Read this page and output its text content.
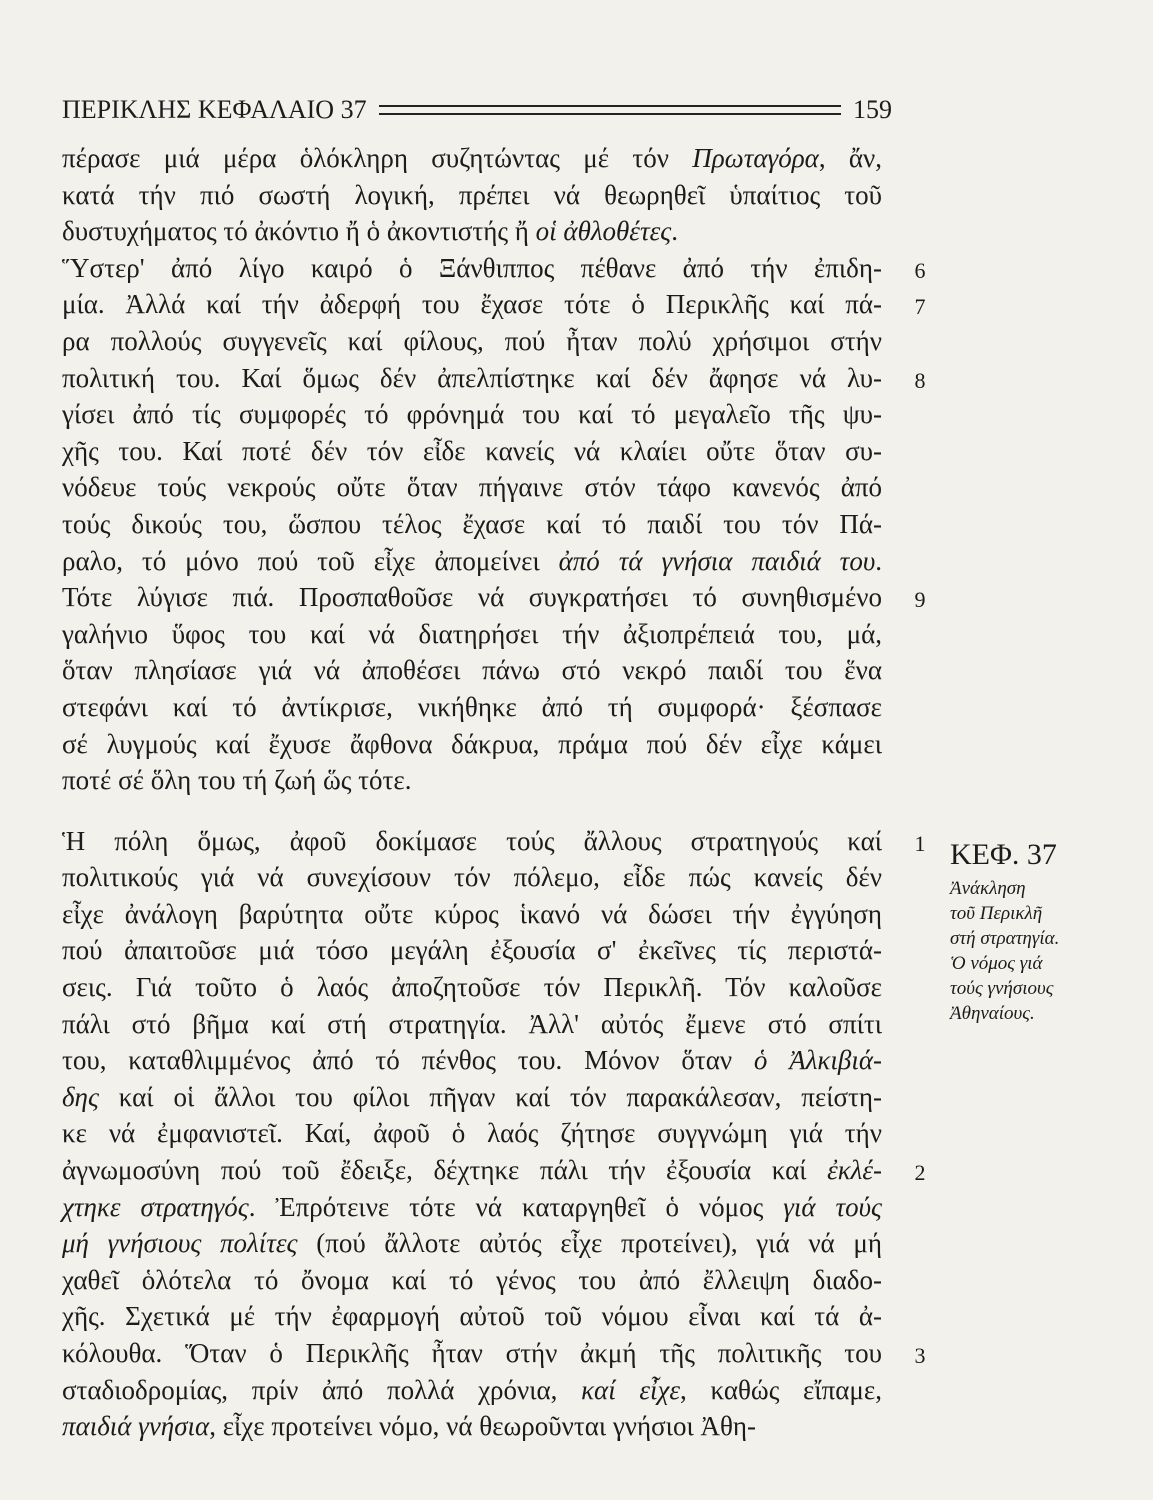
ΠΕΡΙΚΛΗΣ ΚΕΦΑΛΑΙΟ 37	159

πέρασε μιά μέρα ὁλόκληρη συζητώντας μέ τόν Πρωταγόρα, ἄν,
κατά τήν πιό σωστή λογική, πρέπει νά θεωρηθεῖ ὑπαίτιος τοῦ
δυστυχήματος τό ἀκόντιο ἤ ὁ ἀκοντιστής ἤ οἱ ἀθλοθέτες.

Ὕστερ' ἀπό λίγο καιρό ὁ Ξάνθιππος πέθανε ἀπό τήν ἐπιδη-
μία. Ἀλλά καί τήν ἀδερφή του ἔχασε τότε ὁ Περικλῆς καί πά-
ρα πολλούς συγγενεῖς καί φίλους, πού ἦταν πολύ χρήσιμοι στήν
πολιτική του. Καί ὅμως δέν ἀπελπίστηκε καί δέν ἄφησε νά λυ-
γίσει ἀπό τίς συμφορές τό φρόνημά του καί τό μεγαλεῖο τῆς ψυ-
χῆς του. Καί ποτέ δέν τόν εἶδε κανείς νά κλαίει οὔτε ὅταν συ-
νόδευε τούς νεκρούς οὔτε ὅταν πήγαινε στόν τάφο κανενός ἀπό
τούς δικούς του, ὥσπου τέλος ἔχασε καί τό παιδί του τόν Πά-
ραλο, τό μόνο πού τοῦ εἶχε ἀπομείνει ἀπό τά γνήσια παιδιά του.
Τότε λύγισε πιά. Προσπαθοῦσε νά συγκρατήσει τό συνηθισμένο
γαλήνιο ὕφος του καί νά διατηρήσει τήν ἀξιοπρέπειά του, μά,
ὅταν πλησίασε γιά νά ἀποθέσει πάνω στό νεκρό παιδί του ἕνα
στεφάνι καί τό ἀντίκρισε, νικήθηκε ἀπό τή συμφορά· ξέσπασε
σέ λυγμούς καί ἔχυσε ἄφθονα δάκρυα, πράμα πού δέν εἶχε κάμει
ποτέ σέ ὅλη του τή ζωή ὥς τότε.

Ἡ πόλη ὅμως, ἀφοῦ δοκίμασε τούς ἄλλους στρατηγούς καί
πολιτικούς γιά νά συνεχίσουν τόν πόλεμο, εἶδε πώς κανείς δέν
εἶχε ἀνάλογη βαρύτητα οὔτε κύρος ἱκανό νά δώσει τήν ἐγγύηση
πού ἀπαιτοῦσε μιά τόσο μεγάλη ἐξουσία σ' ἐκεῖνες τίς περιστά-
σεις. Γιά τοῦτο ὁ λαός ἀποζητοῦσε τόν Περικλῆ. Τόν καλοῦσε
πάλι στό βῆμα καί στή στρατηγία. Ἀλλ' αὐτός ἔμενε στό σπίτι
του, καταθλιμμένος ἀπό τό πένθος του. Μόνον ὅταν ὁ Ἀλκιβιά-
δης καί οἱ ἄλλοι του φίλοι πῆγαν καί τόν παρακάλεσαν, πείστη-
κε νά ἐμφανιστεῖ. Καί, ἀφοῦ ὁ λαός ζήτησε συγγνώμη γιά τήν
ἀγνωμοσύνη πού τοῦ ἔδειξε, δέχτηκε πάλι τήν ἐξουσία καί ἐκλέ-
χτηκε στρατηγός. Ἐπρότεινε τότε νά καταργηθεῖ ὁ νόμος γιά τούς
μή γνήσιους πολίτες (πού ἄλλοτε αὐτός εἶχε προτείνει), γιά νά μή
χαθεῖ ὁλότελα τό ὄνομα καί τό γένος του ἀπό ἔλλειψη διαδο-
χῆς. Σχετικά μέ τήν ἐφαρμογή αὐτοῦ τοῦ νόμου εἶναι καί τά ἀ-
κόλουθα. Ὅταν ὁ Περικλῆς ἦταν στήν ἀκμή τῆς πολιτικῆς του
σταδιοδρομίας, πρίν ἀπό πολλά χρόνια, καί εἶχε, καθώς εἴπαμε,
παιδιά γνήσια, εἶχε προτείνει νόμο, νά θεωροῦνται γνήσιοι Ἀθη-

6
7
8
9
1
2
3
ΚΕΦ. 37
Ἀνάκληση
τοῦ Περικλῆ
στή στρατηγία.
Ὁ νόμος γιά
τούς γνήσιους
Ἀθηναίους.
